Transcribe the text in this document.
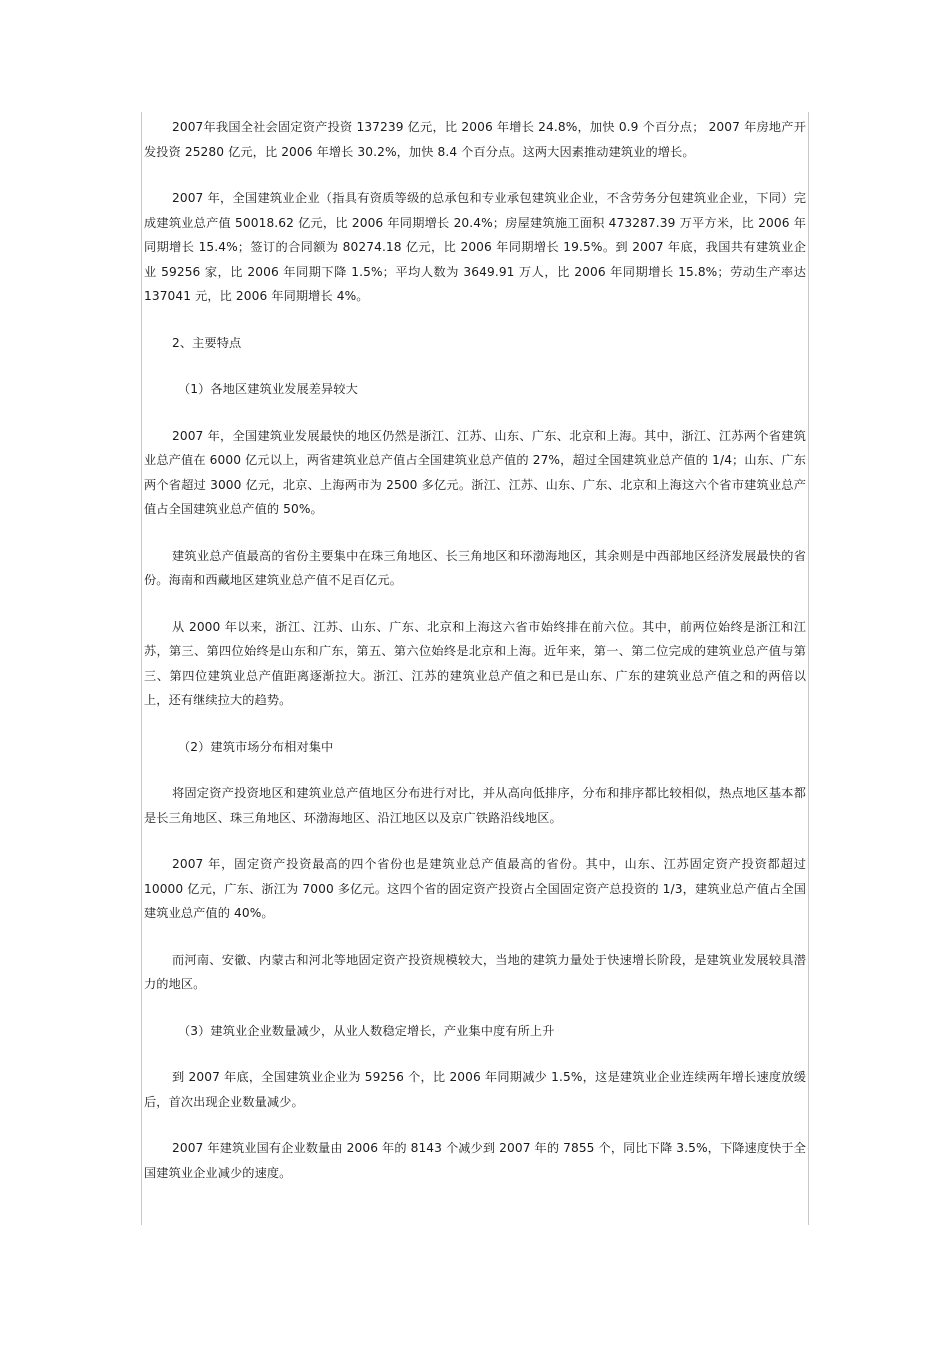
2007年我国全社会固定资产投资 137239 亿元，比 2006 年增长 24.8%，加快 0.9 个百分点； 2007 年房地产开发投资 25280 亿元，比 2006 年增长 30.2%，加快 8.4 个百分点。这两大因素推动建筑业的增长。

2007 年，全国建筑业企业（指具有资质等级的总承包和专业承包建筑业企业，不含劳务分包建筑业企业，下同）完成建筑业总产值 50018.62 亿元，比 2006 年同期增长 20.4%；房屋建筑施工面积 473287.39 万平方米，比 2006 年同期增长 15.4%；签订的合同额为 80274.18 亿元，比 2006 年同期增长 19.5%。到 2007 年底，我国共有建筑业企业 59256 家，比 2006 年同期下降 1.5%；平均人数为 3649.91 万人，比 2006 年同期增长 15.8%；劳动生产率达 137041 元，比 2006 年同期增长 4%。

2、主要特点

（1）各地区建筑业发展差异较大

2007 年，全国建筑业发展最快的地区仍然是浙江、江苏、山东、广东、北京和上海。其中，浙江、江苏两个省建筑业总产值在 6000 亿元以上，两省建筑业总产值占全国建筑业总产值的 27%，超过全国建筑业总产值的 1/4；山东、广东两个省超过 3000 亿元，北京、上海两市为 2500 多亿元。浙江、江苏、山东、广东、北京和上海这六个省市建筑业总产值占全国建筑业总产值的 50%。

建筑业总产值最高的省份主要集中在珠三角地区、长三角地区和环渤海地区，其余则是中西部地区经济发展最快的省份。海南和西藏地区建筑业总产值不足百亿元。

从 2000 年以来，浙江、江苏、山东、广东、北京和上海这六省市始终排在前六位。其中，前两位始终是浙江和江苏，第三、第四位始终是山东和广东，第五、第六位始终是北京和上海。近年来，第一、第二位完成的建筑业总产值与第三、第四位建筑业总产值距离逐渐拉大。浙江、江苏的建筑业总产值之和已是山东、广东的建筑业总产值之和的两倍以上，还有继续拉大的趋势。

（2）建筑市场分布相对集中

将固定资产投资地区和建筑业总产值地区分布进行对比，并从高向低排序，分布和排序都比较相似，热点地区基本都是长三角地区、珠三角地区、环渤海地区、沿江地区以及京广铁路沿线地区。

2007 年，固定资产投资最高的四个省份也是建筑业总产值最高的省份。其中，山东、江苏固定资产投资都超过 10000 亿元，广东、浙江为 7000 多亿元。这四个省的固定资产投资占全国固定资产总投资的 1/3，建筑业总产值占全国建筑业总产值的 40%。

而河南、安徽、内蒙古和河北等地固定资产投资规模较大，当地的建筑力量处于快速增长阶段，是建筑业发展较具潜力的地区。

（3）建筑业企业数量减少，从业人数稳定增长，产业集中度有所上升

到 2007 年底，全国建筑业企业为 59256 个，比 2006 年同期减少 1.5%，这是建筑业企业连续两年增长速度放缓后，首次出现企业数量减少。

2007 年建筑业国有企业数量由 2006 年的 8143 个减少到 2007 年的 7855 个，同比下降 3.5%，下降速度快于全国建筑业企业减少的速度。
